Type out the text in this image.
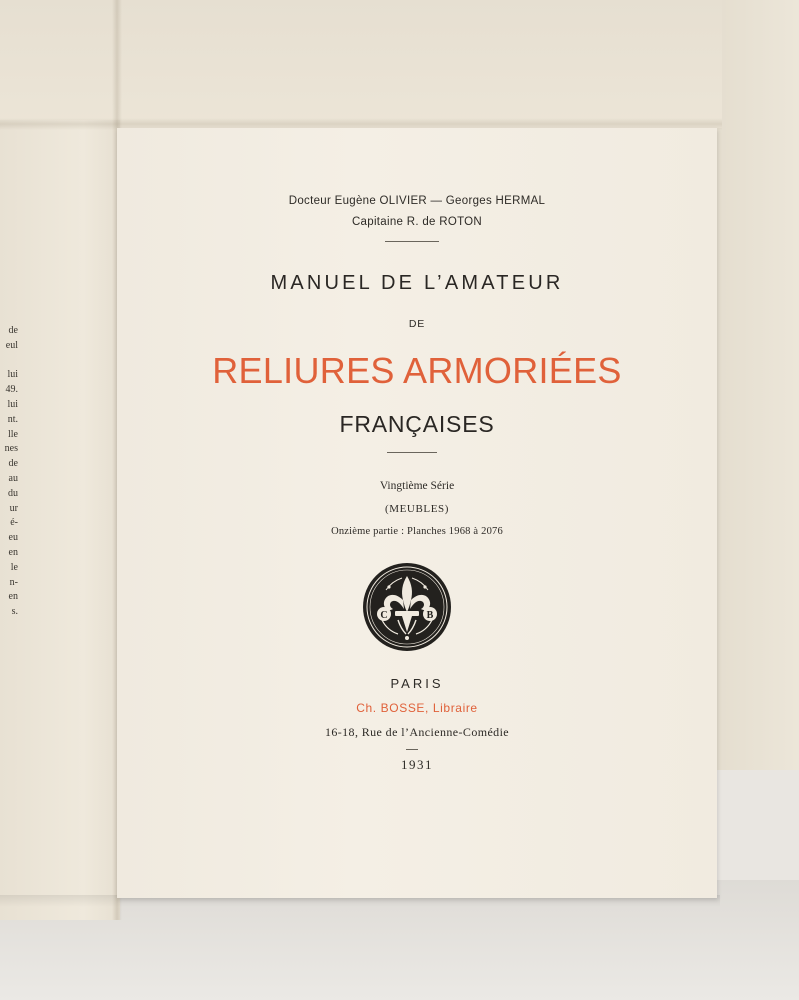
de
eul

lui
49.
lui
nt.
lle
nes
de
au
du
ur
é-
eu
en
le
n-
en
s.
Docteur Eugène OLIVIER — Georges HERMAL
Capitaine R. de ROTON
MANUEL DE L’AMATEUR
DE
RELIURES ARMORIÉES
FRANÇAISES
Vingtième Série
(MEUBLES)
Onzième partie : Planches 1968 à 2076
C	B
PARIS
Ch. BOSSE, Libraire
16-18, Rue de l’Ancienne-Comédie
1931
